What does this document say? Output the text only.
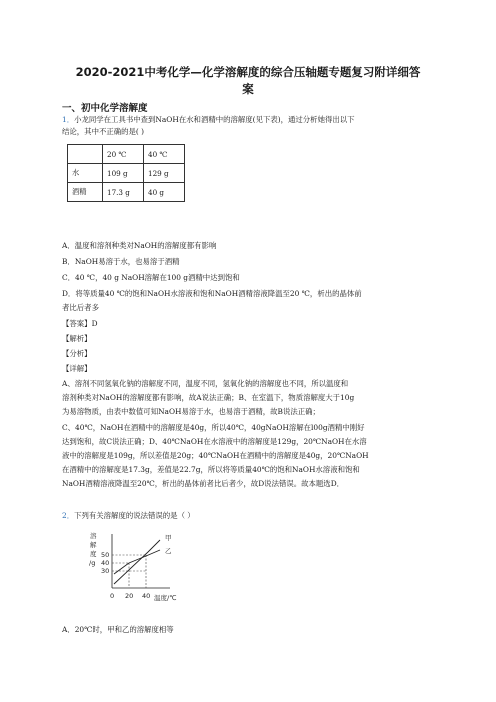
2020-2021中考化学—化学溶解度的综合压轴题专题复习附详细答
案
一、初中化学溶解度
1．小龙同学在工具书中查到NaOH在水和酒精中的溶解度(见下表)，通过分析她得出以下
结论，其中不正确的是( )
	20 ℃	40 ℃
水	109 g	129 g
酒精	17.3 g	40 g
A．温度和溶剂种类对NaOH的溶解度都有影响
B．NaOH易溶于水，也易溶于酒精
C．40 ℃，40 g NaOH溶解在100 g酒精中达到饱和
D．将等质量40 ℃的饱和NaOH水溶液和饱和NaOH酒精溶液降温至20 ℃，析出的晶体前
者比后者多
【答案】D
【解析】
【分析】
【详解】
A、溶剂不同氢氧化钠的溶解度不同，温度不同，氢氧化钠的溶解度也不同，所以温度和
溶剂种类对NaOH的溶解度都有影响，故A说法正确；B、在室温下，物质溶解度大于10g
为易溶物质，由表中数值可知NaOH易溶于水，也易溶于酒精，故B说法正确；
C、40℃，NaOH在酒精中的溶解度是40g，所以40℃，40gNaOH溶解在l00g酒精中刚好
达到饱和，故C说法正确；D、40℃NaOH在水溶液中的溶解度是129g，20℃NaOH在水溶
液中的溶解度是109g，所以差值是20g；40℃NaOH在酒精中的溶解度是40g，20℃NaOH
在酒精中的溶解度是17.3g，差值是22.7g，所以将等质量40℃的饱和NaOH水溶液和饱和
NaOH酒精溶液降温至20℃，析出的晶体前者比后者少，故D说法错误。故本题选D．
2．下列有关溶解度的说法错误的是（ ）
溶
解
度
/g
50
40
30
甲
乙
0 20 40 温度/℃
A．20℃时，甲和乙的溶解度相等
